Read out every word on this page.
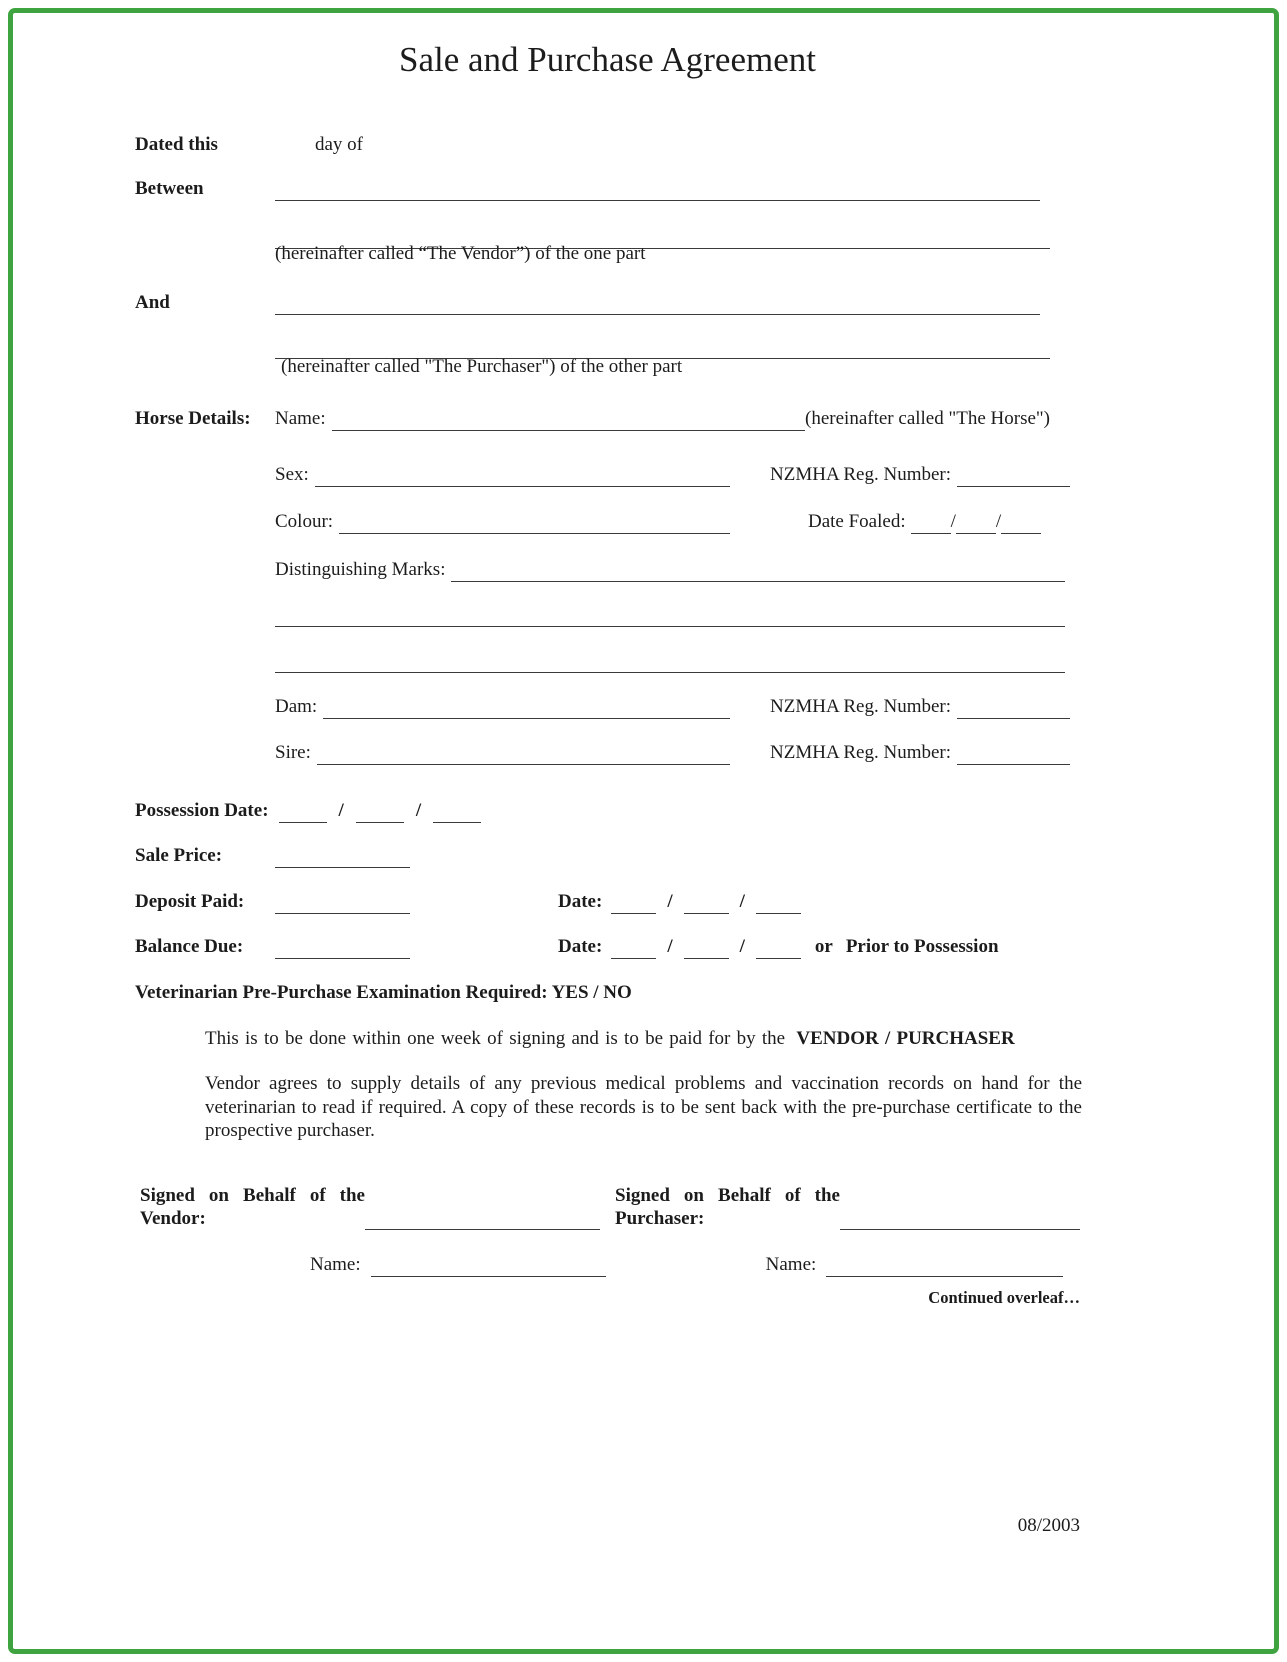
Sale and Purchase Agreement
Dated this	day of
Between
(hereinafter called “The Vendor”) of the one part
And
(hereinafter called "The Purchaser") of the other part
Horse Details:	Name:	(hereinafter called "The Horse")
Sex:	NZMHA Reg. Number:
Colour:	Date Foaled: / /
Distinguishing Marks:
Dam:	NZMHA Reg. Number:
Sire:	NZMHA Reg. Number:
Possession Date:	/	/
Sale Price:
Deposit Paid:	Date:	/	/
Balance Due:	Date:	/	/	or Prior to Possession
Veterinarian Pre-Purchase Examination Required: YES / NO
This is to be done within one week of signing and is to be paid for by the VENDOR / PURCHASER
Vendor agrees to supply details of any previous medical problems and vaccination records on hand for the veterinarian to read if required. A copy of these records is to be sent back with the pre-purchase certificate to the prospective purchaser.
Signed on Behalf of the Vendor:
Signed on Behalf of the Purchaser:
Name:	Name:
Continued overleaf…
08/2003
